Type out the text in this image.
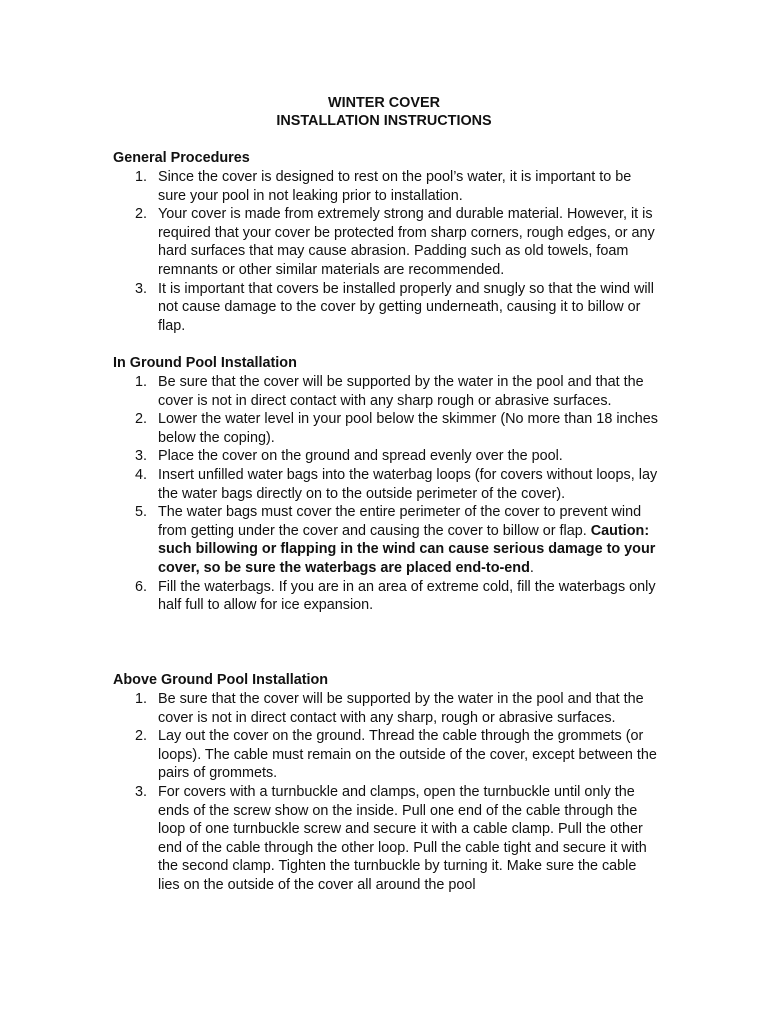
WINTER COVER
INSTALLATION INSTRUCTIONS
General Procedures
1. Since the cover is designed to rest on the pool’s water, it is important to be sure your pool in not leaking prior to installation.
2. Your cover is made from extremely strong and durable material. However, it is required that your cover be protected from sharp corners, rough edges, or any hard surfaces that may cause abrasion. Padding such as old towels, foam remnants or other similar materials are recommended.
3. It is important that covers be installed properly and snugly so that the wind will not cause damage to the cover by getting underneath, causing it to billow or flap.
In Ground Pool Installation
1. Be sure that the cover will be supported by the water in the pool and that the cover is not in direct contact with any sharp rough or abrasive surfaces.
2. Lower the water level in your pool below the skimmer (No more than 18 inches below the coping).
3. Place the cover on the ground and spread evenly over the pool.
4. Insert unfilled water bags into the waterbag loops (for covers without loops, lay the water bags directly on to the outside perimeter of the cover).
5. The water bags must cover the entire perimeter of the cover to prevent wind from getting under the cover and causing the cover to billow or flap. Caution: such billowing or flapping in the wind can cause serious damage to your cover, so be sure the waterbags are placed end-to-end.
6. Fill the waterbags. If you are in an area of extreme cold, fill the waterbags only half full to allow for ice expansion.
Above Ground Pool Installation
1. Be sure that the cover will be supported by the water in the pool and that the cover is not in direct contact with any sharp, rough or abrasive surfaces.
2. Lay out the cover on the ground. Thread the cable through the grommets (or loops). The cable must remain on the outside of the cover, except between the pairs of grommets.
3. For covers with a turnbuckle and clamps, open the turnbuckle until only the ends of the screw show on the inside. Pull one end of the cable through the loop of one turnbuckle screw and secure it with a cable clamp. Pull the other end of the cable through the other loop. Pull the cable tight and secure it with the second clamp. Tighten the turnbuckle by turning it. Make sure the cable lies on the outside of the cover all around the pool
